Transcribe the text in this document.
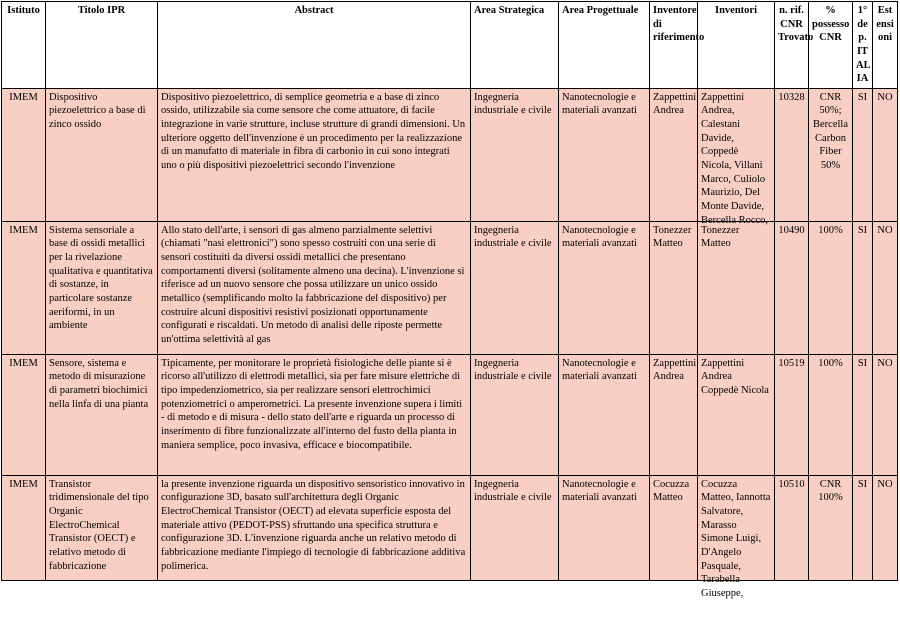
Istituto	Titolo IPR	Abstract	Area Strategica	Area Progettuale	Inventore di riferimento	Inventori	n. rif. CNR Trovato	% possesso CNR	1° de p. IT AL IA	Est ensi oni
IMEM	Dispositivo piezoelettrico a base di zinco ossido	Dispositivo piezoelettrico, di semplice geometria e a base di zinco ossido, utilizzabile sia come sensore che come attuatore, di facile integrazione in varie strutture, incluse strutture di grandi dimensioni. Un ulteriore oggetto dell'invenzione è un procedimento per la realizzazione di un manufatto di materiale in fibra di carbonio in cui sono integrati uno o più dispositivi piezoelettrici secondo l'invenzione	Ingegneria industriale e civile	Nanotecnologie e materiali avanzati	Zappettini Andrea	Zappettini Andrea, Calestani Davide, Coppedè Nicola, Villani Marco, Culiolo Maurizio, Del Monte Davide, Bercella Rocco,	10328	CNR 50%; Bercella Carbon Fiber 50%	SI	NO
IMEM	Sistema sensoriale a base di ossidi metallici per la rivelazione qualitativa e quantitativa di sostanze, in particolare sostanze aeriformi, in un ambiente	Allo stato dell'arte, i sensori di gas almeno parzialmente selettivi (chiamati "nasi elettronici") sono spesso costruiti con una serie di sensori costituiti da diversi ossidi metallici che presentano comportamenti diversi (solitamente almeno una decina). L'invenzione si riferisce ad un nuovo sensore che possa utilizzare un unico ossido metallico (semplificando molto la fabbricazione del dispositivo) per costruire alcuni dispositivi resistivi posizionati opportunamente configurati e riscaldati. Un metodo di analisi delle riposte permette un'ottima selettività al gas	Ingegneria industriale e civile	Nanotecnologie e materiali avanzati	Tonezzer Matteo	Tonezzer Matteo	10490	100%	SI	NO
IMEM	Sensore, sistema e metodo di misurazione di parametri biochimici nella linfa di una pianta	Tipicamente, per monitorare le proprietà fisiologiche delle piante si è ricorso all'utilizzo di elettrodi metallici, sia per fare misure elettriche di tipo impedenziometrico, sia per realizzare sensori elettrochimici potenziometrici o amperometrici. La presente invenzione supera i limiti - di metodo e di misura - dello stato dell'arte e riguarda un processo di inserimento di fibre funzionalizzate all'interno del fusto della pianta in maniera semplice, poco invasiva, efficace e biocompatibile.	Ingegneria industriale e civile	Nanotecnologie e materiali avanzati	Zappettini Andrea	Zappettini Andrea Coppedè Nicola	10519	100%	SI	NO
IMEM	Transistor tridimensionale del tipo Organic ElectroChemical Transistor (OECT) e relativo metodo di fabbricazione	la presente invenzione riguarda un dispositivo sensoristico innovativo in configurazione 3D, basato sull'architettura degli Organic ElectroChemical Transistor (OECT) ad elevata superficie esposta del materiale attivo (PEDOT-PSS) sfruttando una specifica struttura e configurazione 3D. L'invenzione riguarda anche un relativo metodo di fabbricazione mediante l'impiego di tecnologie di fabbricazione additiva polimerica.	Ingegneria industriale e civile	Nanotecnologie e materiali avanzati	Cocuzza Matteo	Cocuzza Matteo, Iannotta Salvatore, Marasso Simone Luigi, D'Angelo Pasquale, Tarabella Giuseppe,	10510	CNR 100%	SI	NO
